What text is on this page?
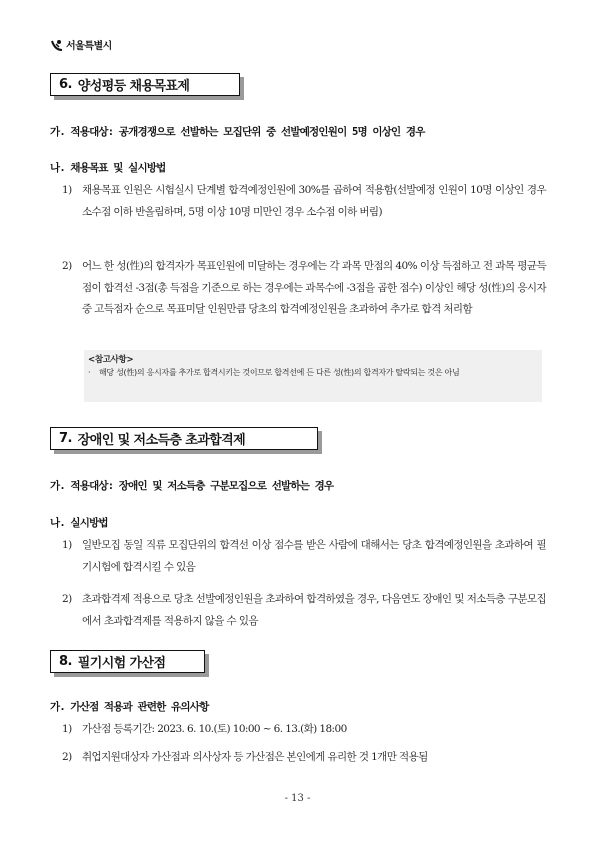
서울특별시
6. 양성평등 채용목표제
가. 적용대상: 공개경쟁으로 선발하는 모집단위 중 선발예정인원이 5명 이상인 경우
나. 채용목표 및 실시방법
1) 채용목표 인원은 시험실시 단계별 합격예정인원에 30%를 곱하여 적용함(선발예정 인원이 10명 이상인 경우 소수점 이하 반올림하며, 5명 이상 10명 미만인 경우 소수점 이하 버림)
2) 어느 한 성(性)의 합격자가 목표인원에 미달하는 경우에는 각 과목 만점의 40% 이상 득점하고 전 과목 평균득점이 합격선 -3점(총 득점을 기준으로 하는 경우에는 과목수에 -3점을 곱한 점수) 이상인 해당 성(性)의 응시자 중 고득점자 순으로 목표미달 인원만큼 당초의 합격예정인원을 초과하여 추가로 합격 처리함
<참고사항>
·	해당 성(性)의 응시자를 추가로 합격시키는 것이므로 합격선에 든 다른 성(性)의 합격자가 탈락되는 것은 아님
7. 장애인 및 저소득층 초과합격제
가. 적용대상: 장애인 및 저소득층 구분모집으로 선발하는 경우
나. 실시방법
1) 일반모집 동일 직류 모집단위의 합격선 이상 점수를 받은 사람에 대해서는 당초 합격예정인원을 초과하여 필기시험에 합격시킬 수 있음
2) 초과합격제 적용으로 당초 선발예정인원을 초과하여 합격하였을 경우, 다음연도 장애인 및 저소득층 구분모집에서 초과합격제를 적용하지 않을 수 있음
8. 필기시험 가산점
가. 가산점 적용과 관련한 유의사항
1) 가산점 등록기간: 2023. 6. 10.(토) 10:00 ~ 6. 13.(화) 18:00
2) 취업지원대상자 가산점과 의사상자 등 가산점은 본인에게 유리한 것 1개만 적용됨
- 13 -
